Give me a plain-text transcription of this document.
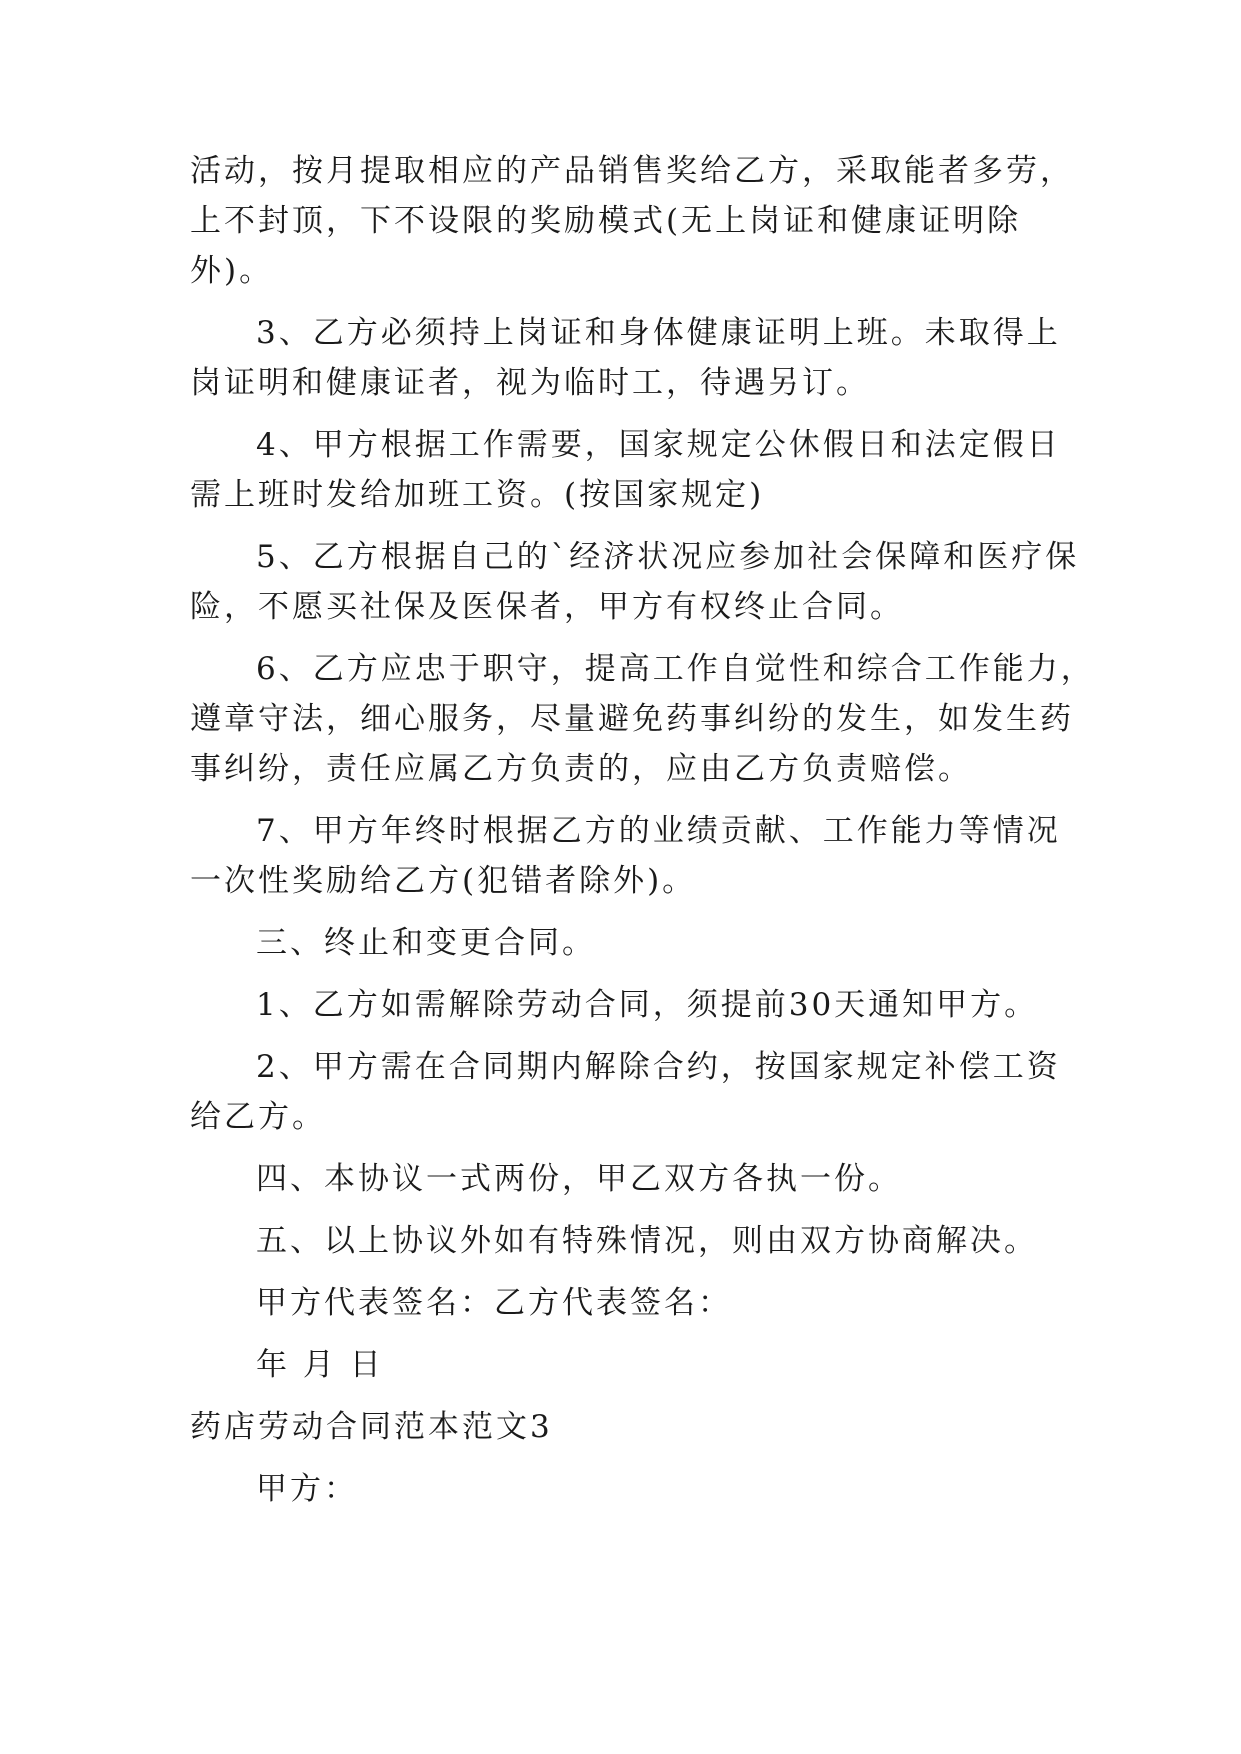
活动，按月提取相应的产品销售奖给乙方，采取能者多劳，
上不封顶，下不设限的奖励模式(无上岗证和健康证明除
外)。
3、乙方必须持上岗证和身体健康证明上班。未取得上
岗证明和健康证者，视为临时工，待遇另订。
4、甲方根据工作需要，国家规定公休假日和法定假日
需上班时发给加班工资。(按国家规定)
5、乙方根据自己的`经济状况应参加社会保障和医疗保
险，不愿买社保及医保者，甲方有权终止合同。
6、乙方应忠于职守，提高工作自觉性和综合工作能力，
遵章守法，细心服务，尽量避免药事纠纷的发生，如发生药
事纠纷，责任应属乙方负责的，应由乙方负责赔偿。
7、甲方年终时根据乙方的业绩贡献、工作能力等情况
一次性奖励给乙方(犯错者除外)。
三、终止和变更合同。
1、乙方如需解除劳动合同，须提前30天通知甲方。
2、甲方需在合同期内解除合约，按国家规定补偿工资
给乙方。
四、本协议一式两份，甲乙双方各执一份。
五、以上协议外如有特殊情况，则由双方协商解决。
甲方代表签名：乙方代表签名：
年 月 日
药店劳动合同范本范文3
甲方：
